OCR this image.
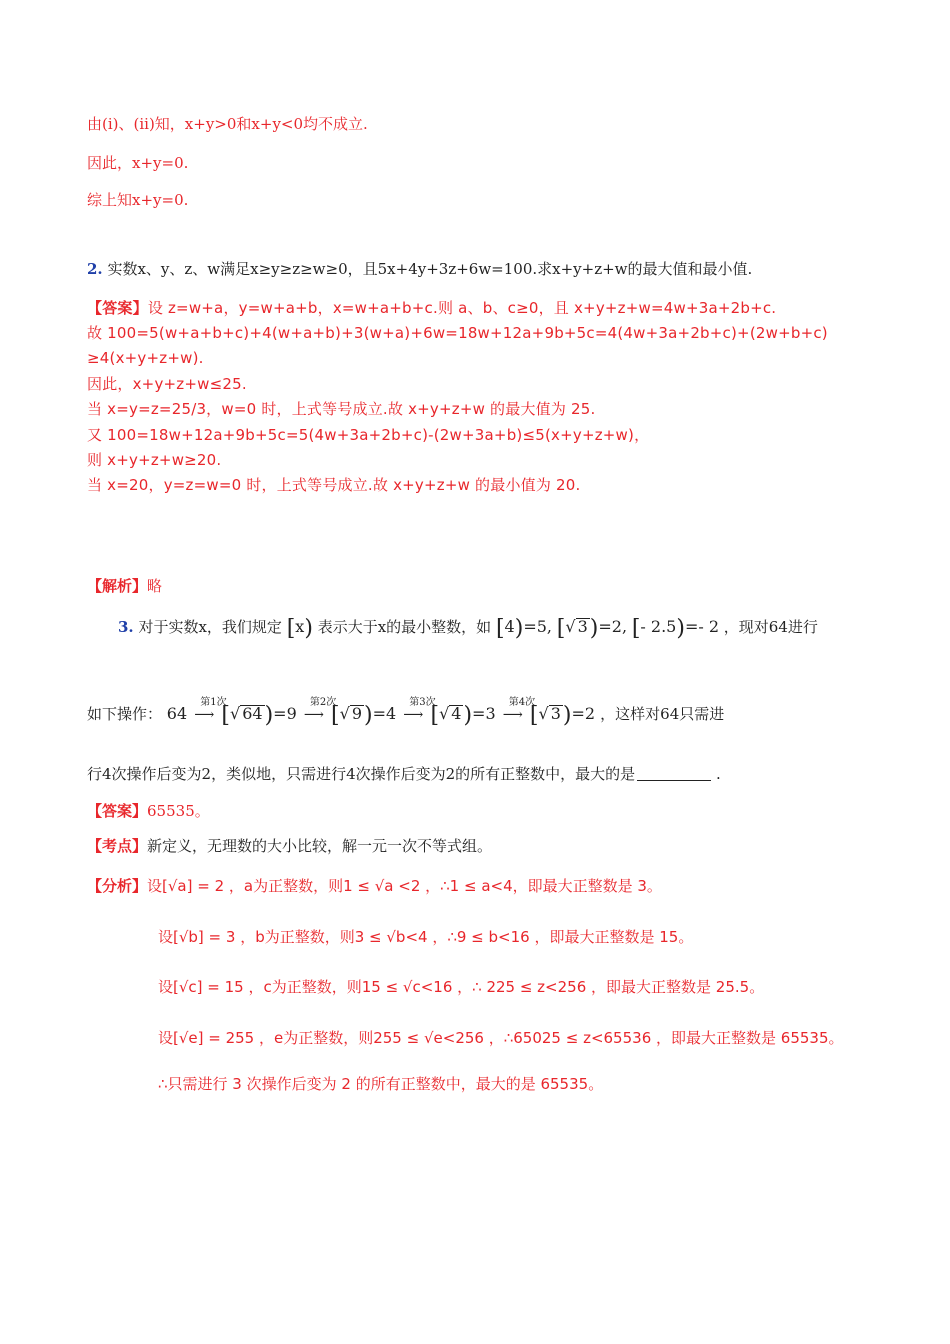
由(i)、(ii)知，x+y>0和x+y<0均不成立.
因此，x+y=0.
综上知x+y=0.
2. 实数x、y、z、w满足x≥y≥z≥w≥0，且5x+4y+3z+6w=100.求x+y+z+w的最大值和最小值.
【答案】设 z=w+a，y=w+a+b，x=w+a+b+c.则 a、b、c≥0，且 x+y+z+w=4w+3a+2b+c.
故 100=5(w+a+b+c)+4(w+a+b)+3(w+a)+6w=18w+12a+9b+5c=4(4w+3a+2b+c)+(2w+b+c)
≥4(x+y+z+w).
因此，x+y+z+w≤25.
当 x=y=z=25/3，w=0 时，上式等号成立.故 x+y+z+w 的最大值为 25.
又 100=18w+12a+9b+5c=5(4w+3a+2b+c)-(2w+3a+b)≤5(x+y+z+w)，
则 x+y+z+w≥20.
当 x=20，y=z=w=0 时，上式等号成立.故 x+y+z+w 的最小值为 20.
【解析】略
3. 对于实数x，我们规定 [x) 表示大于x的最小整数，如 [4)=5, [√ 3)=2, [- 2.5)=- 2 ，现对64进行
如下操作： 64 ⟶
第1次
[√ 64)=9 ⟶
第2次
[√ 9)=4 ⟶
第3次
[√ 4)=3 ⟶
第4次
[√ 3)=2 ，这样对64只需进
行4次操作后变为2，类似地，只需进行4次操作后变为2的所有正整数中，最大的是	.
【答案】65535。
【考点】新定义，无理数的大小比较，解一元一次不等式组。
【分析】设[√a] = 2 ，a为正整数，则1 ≤ √a <2 ，∴1 ≤ a<4，即最大正整数是 3。
设[√b] = 3 ，b为正整数，则3 ≤ √b<4 ，∴9 ≤ b<16 ，即最大正整数是 15。
设[√c] = 15 ，c为正整数，则15 ≤ √c<16 ，∴ 225 ≤ z<256 ，即最大正整数是 25.5。
设[√e] = 255 ，e为正整数，则255 ≤ √e<256 ，∴65025 ≤ z<65536 ，即最大正整数是 65535。
∴只需进行 3 次操作后变为 2 的所有正整数中，最大的是 65535。
